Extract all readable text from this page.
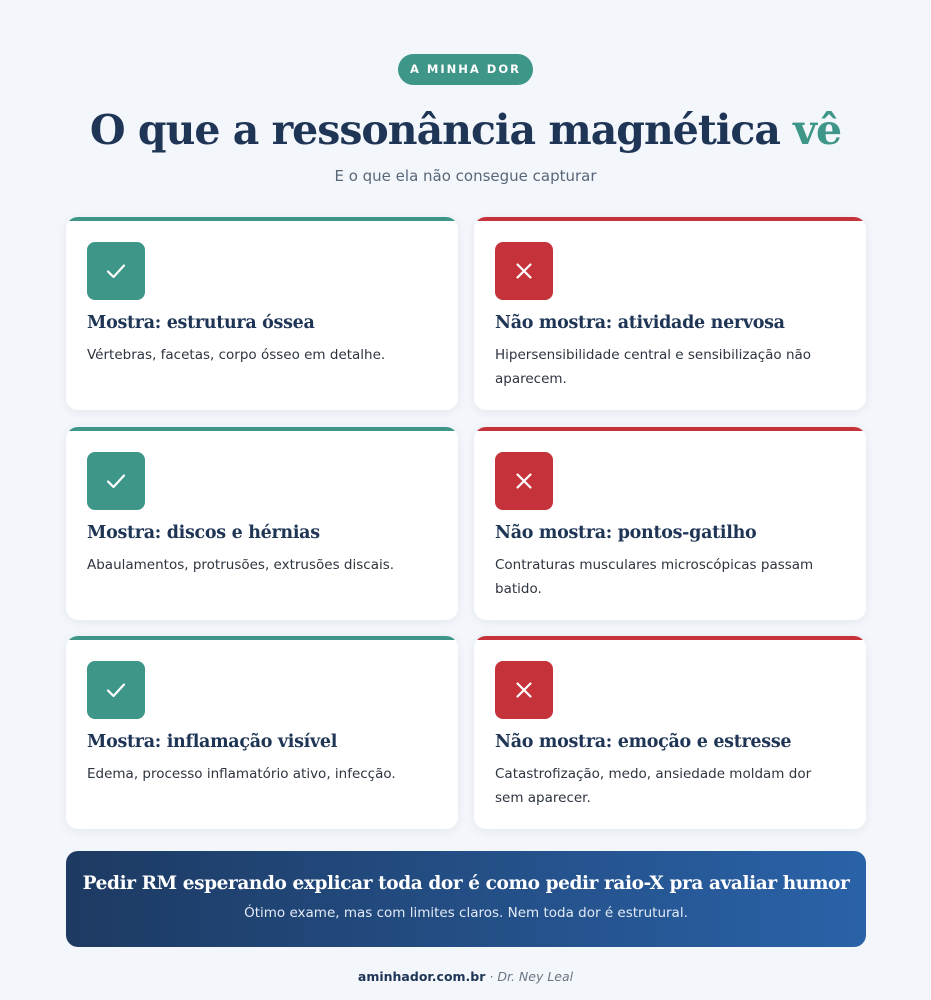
A MINHA DOR
O que a ressonância magnética vê
E o que ela não consegue capturar
Mostra: estrutura óssea
Vértebras, facetas, corpo ósseo em detalhe.
Não mostra: atividade nervosa
Hipersensibilidade central e sensibilização não aparecem.
Mostra: discos e hérnias
Abaulamentos, protrusões, extrusões discais.
Não mostra: pontos-gatilho
Contraturas musculares microscópicas passam batido.
Mostra: inflamação visível
Edema, processo inflamatório ativo, infecção.
Não mostra: emoção e estresse
Catastrofização, medo, ansiedade moldam dor sem aparecer.
Pedir RM esperando explicar toda dor é como pedir raio-X pra avaliar humor
Ótimo exame, mas com limites claros. Nem toda dor é estrutural.
aminhador.com.br · Dr. Ney Leal
